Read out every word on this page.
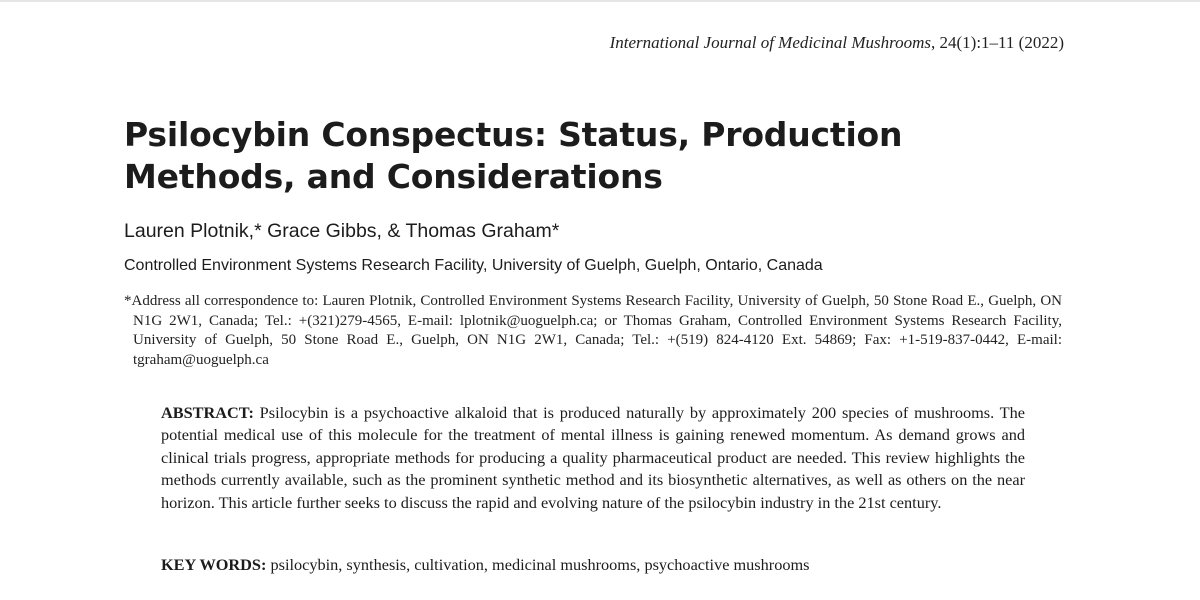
International Journal of Medicinal Mushrooms, 24(1):1–11 (2022)
Psilocybin Conspectus: Status, Production Methods, and Considerations
Lauren Plotnik,* Grace Gibbs, & Thomas Graham*
Controlled Environment Systems Research Facility, University of Guelph, Guelph, Ontario, Canada
*Address all correspondence to: Lauren Plotnik, Controlled Environment Systems Research Facility, University of Guelph, 50 Stone Road E., Guelph, ON N1G 2W1, Canada; Tel.: +(321)279-4565, E-mail: lplotnik@uoguelph.ca; or Thomas Graham, Controlled Environment Systems Research Facility, University of Guelph, 50 Stone Road E., Guelph, ON N1G 2W1, Canada; Tel.: +(519) 824-4120 Ext. 54869; Fax: +1-519-837-0442, E-mail: tgraham@uoguelph.ca

ABSTRACT: Psilocybin is a psychoactive alkaloid that is produced naturally by approximately 200 species of mushrooms. The potential medical use of this molecule for the treatment of mental illness is gaining renewed momentum. As demand grows and clinical trials progress, appropriate methods for producing a quality pharmaceutical product are needed. This review highlights the methods currently available, such as the prominent synthetic method and its biosynthetic alternatives, as well as others on the near horizon. This article further seeks to discuss the rapid and evolving nature of the psilocybin industry in the 21st century.

KEY WORDS: psilocybin, synthesis, cultivation, medicinal mushrooms, psychoactive mushrooms
